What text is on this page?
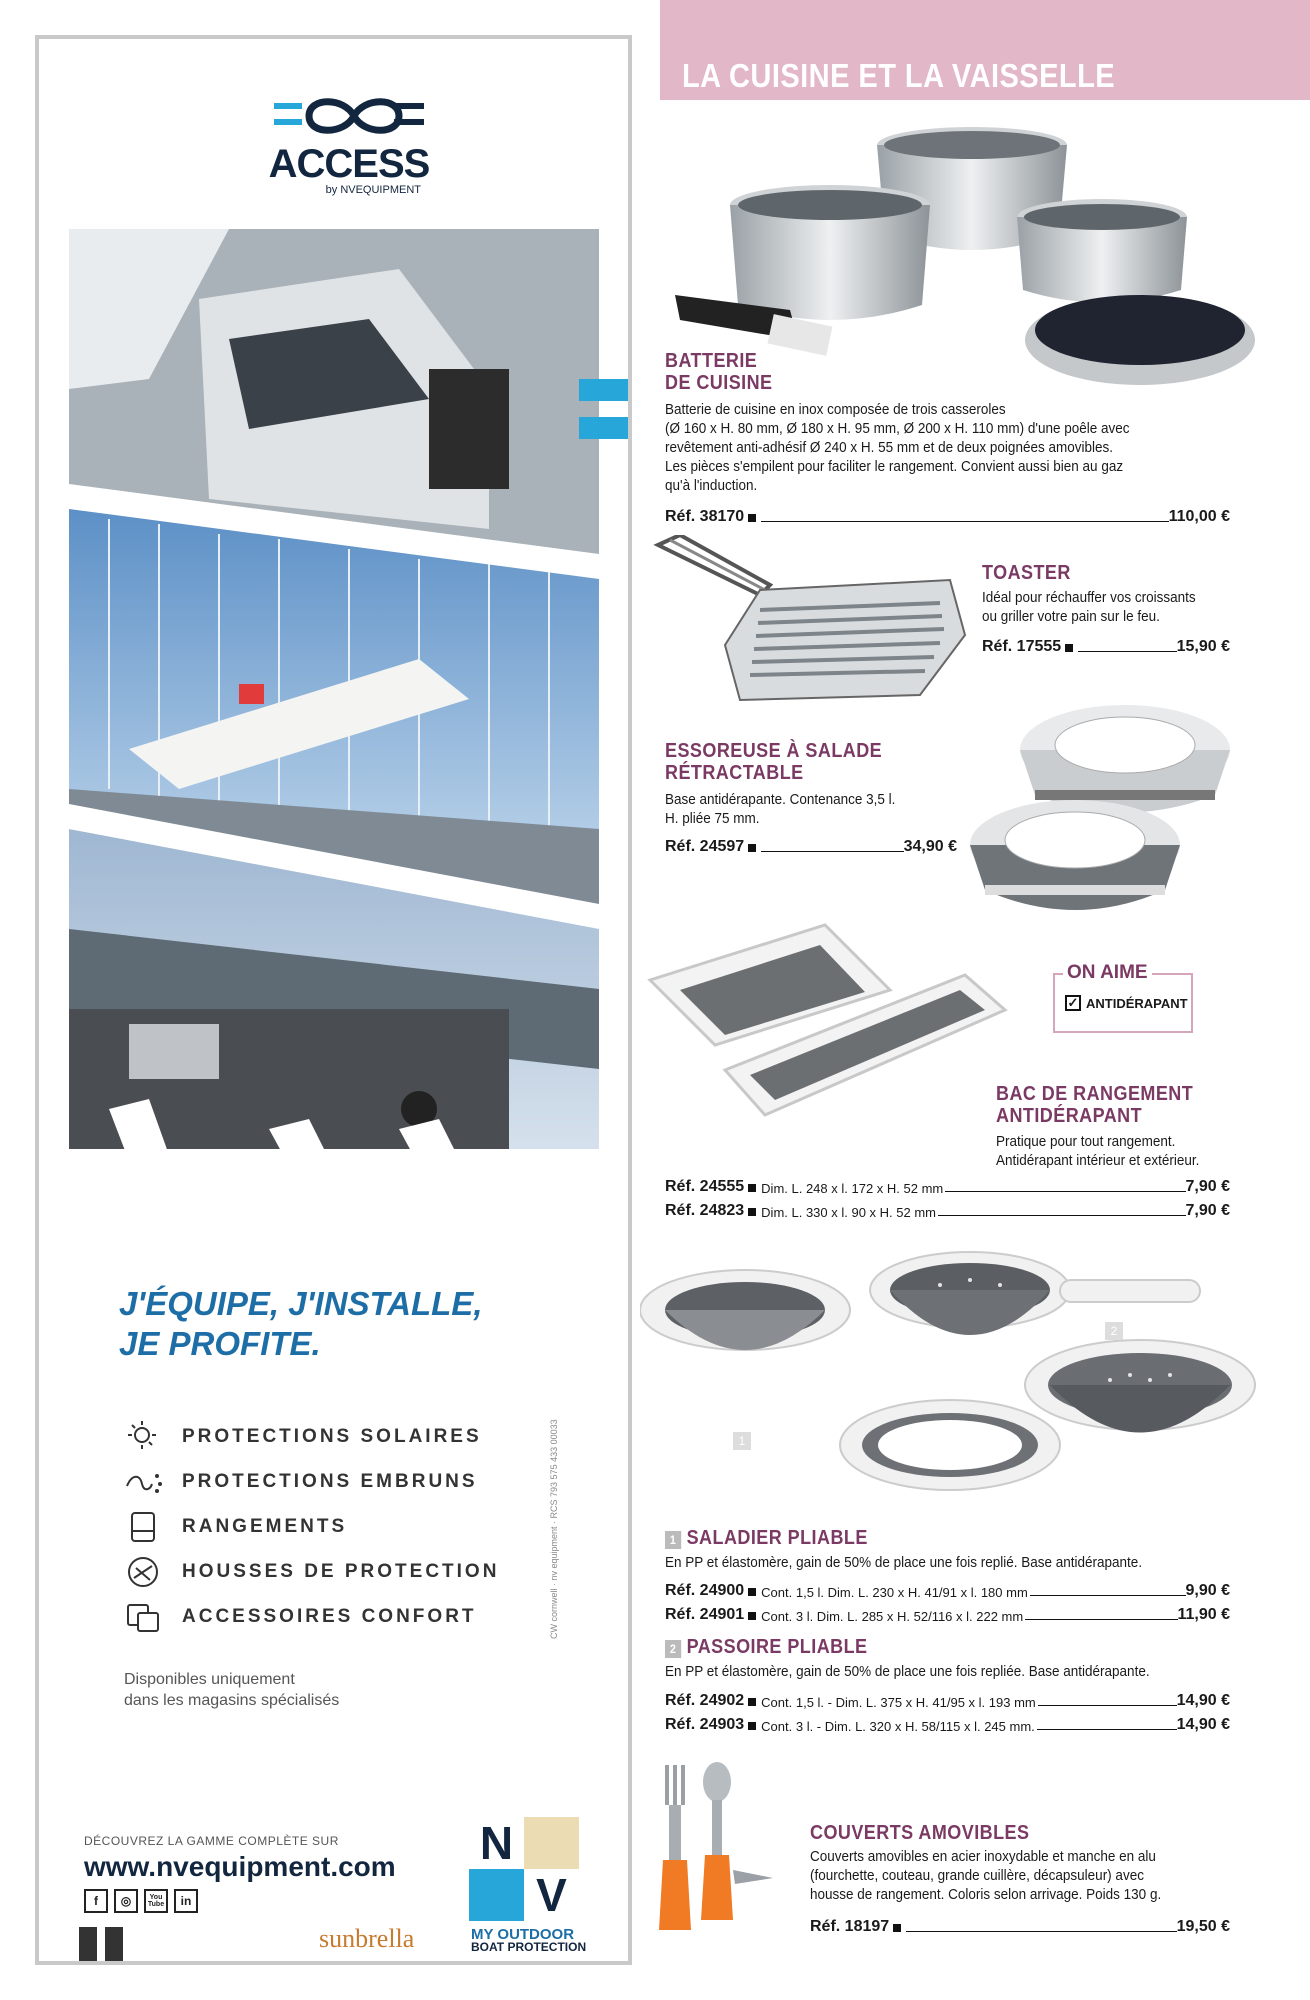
ACCESS
by NVEQUIPMENT
J'ÉQUIPE, J'INSTALLE,
JE PROFITE.
CW cornwell · nv equipment · RCS 793 575 433 00033
PROTECTIONS SOLAIRES
PROTECTIONS EMBRUNS
RANGEMENTS
HOUSSES DE PROTECTION
ACCESSOIRES CONFORT
Disponibles uniquement
dans les magasins spécialisés
DÉCOUVREZ LA GAMME COMPLÈTE SUR
www.nvequipment.com
f	◎	You Tube	in
sunbrella
N
V
MY OUTDOOR
BOAT PROTECTION
LA CUISINE ET LA VAISSELLE
BATTERIE
DE CUISINE
Batterie de cuisine en inox composée de trois casseroles
(Ø 160 x H. 80 mm, Ø 180 x H. 95 mm, Ø 200 x H. 110 mm) d'une poêle avec
revêtement anti-adhésif Ø 240 x H. 55 mm et de deux poignées amovibles.
Les pièces s'empilent pour faciliter le rangement. Convient aussi bien au gaz
qu'à l'induction.
Réf. 38170	110,00 €
TOASTER
Idéal pour réchauffer vos croissants
ou griller votre pain sur le feu.
Réf. 17555	15,90 €
ESSOREUSE À SALADE
RÉTRACTABLE
Base antidérapante. Contenance 3,5 l.
H. pliée 75 mm.
Réf. 24597	34,90 €
ON AIME
✓ ANTIDÉRAPANT
BAC DE RANGEMENT
ANTIDÉRAPANT
Pratique pour tout rangement.
Antidérapant intérieur et extérieur.
Réf. 24555 Dim. L. 248 x l. 172 x H. 52 mm	7,90 €
Réf. 24823 Dim. L. 330 x l. 90 x H. 52 mm	7,90 €
1
2
1 SALADIER PLIABLE
En PP et élastomère, gain de 50% de place une fois replié. Base antidérapante.
Réf. 24900 Cont. 1,5 l. Dim. L. 230 x H. 41/91 x l. 180 mm	9,90 €
Réf. 24901 Cont. 3 l. Dim. L. 285 x H. 52/116 x l. 222 mm	11,90 €
2 PASSOIRE PLIABLE
En PP et élastomère, gain de 50% de place une fois repliée. Base antidérapante.
Réf. 24902 Cont. 1,5 l. - Dim. L. 375 x H. 41/95 x l. 193 mm	14,90 €
Réf. 24903 Cont. 3 l. - Dim. L. 320 x H. 58/115 x l. 245 mm.	14,90 €
COUVERTS AMOVIBLES
Couverts amovibles en acier inoxydable et manche en alu
(fourchette, couteau, grande cuillère, décapsuleur) avec
housse de rangement. Coloris selon arrivage. Poids 130 g.
Réf. 18197	19,50 €
